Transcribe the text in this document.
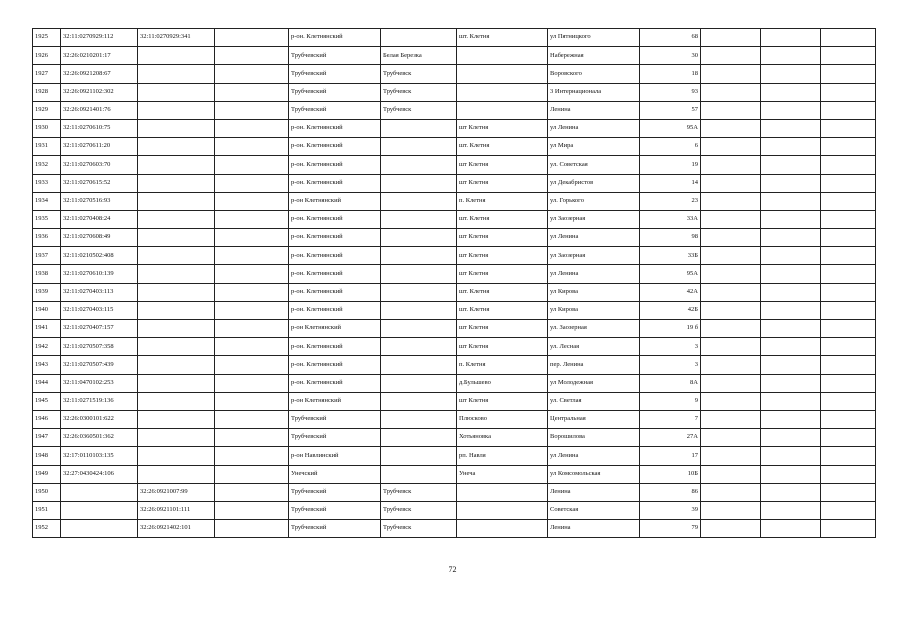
1925	32:11:0270929:112	32:11:0270929:341		р-он. Клетнянский		шт. Клетня	ул Пятницкого	68			
1926	32:26:0210201:17			Трубчевский	Белая Березка		Набережная	30			
1927	32:26:0921208:67			Трубчевский	Трубчевск		Воровского	18			
1928	32:26:0921102:302			Трубчевский	Трубчевск		3 Интернационала	93			
1929	32:26:0921401:76			Трубчевский	Трубчевск		Ленина	57			
1930	32:11:0270610:75			р-он. Клетнянский		шт Клетня	ул Ленина	95А			
1931	32:11:0270611:20			р-он. Клетнянский		шт. Клетня	ул Мира	6			
1932	32:11:0270603:70			р-он. Клетнянский		шт Клетня	ул. Советская	19			
1933	32:11:0270615:52			р-он. Клетнянский		шт Клетня	ул Декабристов	14			
1934	32:11:0270516:93			р-он Клетнянский		п. Клетня	ул. Горького	23			
1935	32:11:0270408:24			р-он. Клетнянский		шт. Клетня	ул Заозерная	33А			
1936	32:11:0270608:49			р-он. Клетнянский		шт Клетня	ул Ленина	98			
1937	32:11:0210502:408			р-он. Клетнянский		шт Клетня	ул Заозерная	33Б			
1938	32:11:0270610:139			р-он. Клетнянский		шт Клетня	ул Ленина	95А			
1939	32:11:0270403:113			р-он. Клетнянский		шт. Клетня	ул Кирова	42А			
1940	32:11:0270403:115			р-он. Клетнянский		шт. Клетня	ул Кирова	42Б			
1941	32:11:0270407:157			р-он Клетнянский		шт Клетня	ул. Заозерная	19 б			
1942	32:11:0270507:358			р-он. Клетнянский		шт Клетня	ул. Лесная	3			
1943	32:11:0270507:439			р-он. Клетнянский		п. Клетня	пер. Ленина	3			
1944	32:11:0470102:253			р-он. Клетнянский		д.Бульшево	ул Молодежная	8А			
1945	32:11:0271519:136			р-он Клетнянский		шт Клетня	ул. Светлая	9			
1946	32:26:0300101:622			Трубчевский		Плюсково	Центральная	7			
1947	32:26:0360501:362			Трубчевский		Хотьяновка	Ворошилова	27А			
1948	32:17:0110103:135			р-он Навлинский		рп. Навля	ул Ленина	17			
1949	32:27:0430424:106			Унечский		Унеча	ул Комсомольская	10Б			
1950		32:26:0921007:99		Трубчевский	Трубчевск		Ленина	86			
1951		32:26:0921101:111		Трубчевский	Трубчевск		Советская	39			
1952		32:26:0921402:101		Трубчевский	Трубчевск		Ленина	79			
72
